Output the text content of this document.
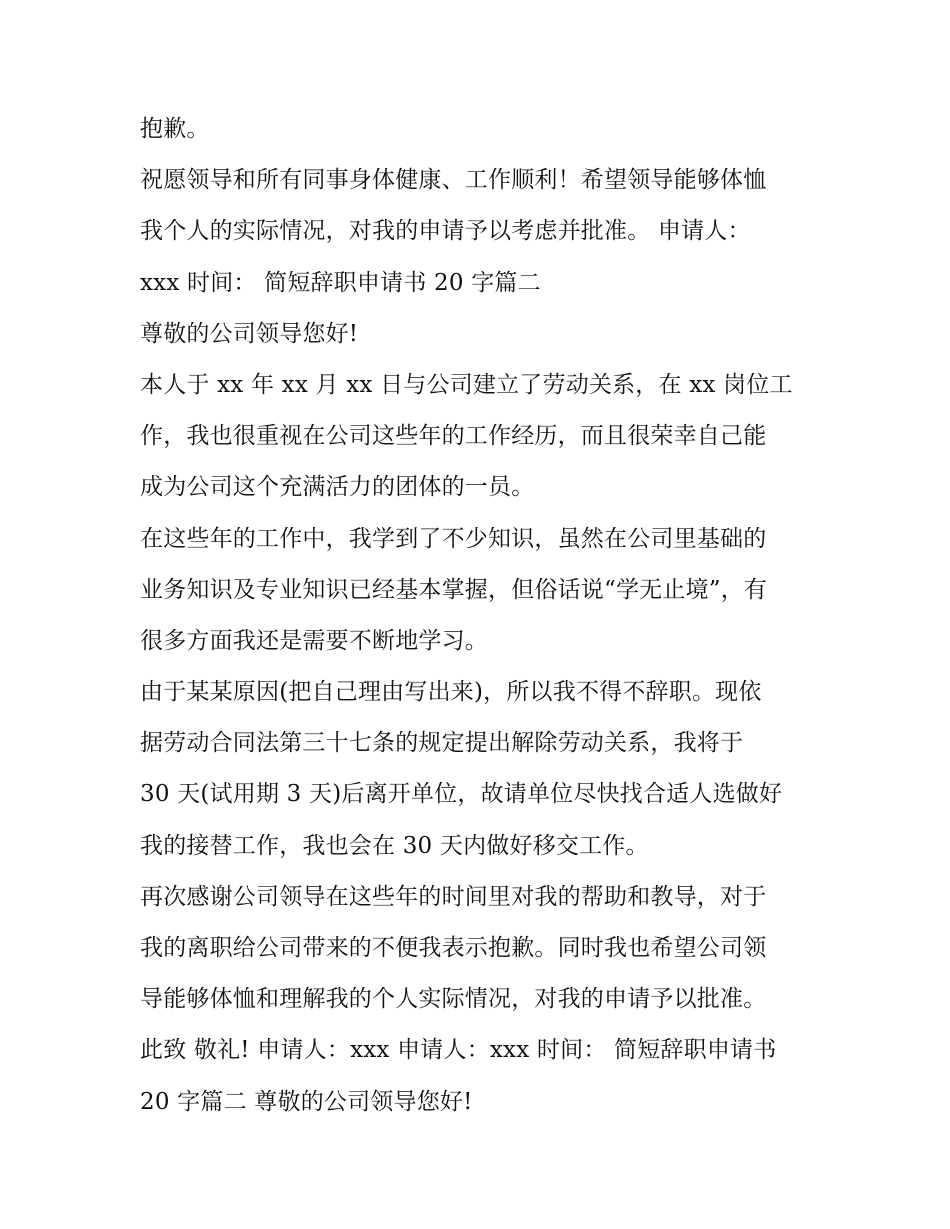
抱歉。
祝愿领导和所有同事身体健康、工作顺利！希望领导能够体恤
我个人的实际情况，对我的申请予以考虑并批准。 申请人：
xxx 时间： 简短辞职申请书 20 字篇二
尊敬的公司领导您好!
本人于 xx 年 xx 月 xx 日与公司建立了劳动关系，在 xx 岗位工
作，我也很重视在公司这些年的工作经历，而且很荣幸自己能
成为公司这个充满活力的团体的一员。
在这些年的工作中，我学到了不少知识，虽然在公司里基础的
业务知识及专业知识已经基本掌握，但俗话说“学无止境”，有
很多方面我还是需要不断地学习。
由于某某原因(把自己理由写出来)，所以我不得不辞职。现依
据劳动合同法第三十七条的规定提出解除劳动关系，我将于
30 天(试用期 3 天)后离开单位，故请单位尽快找合适人选做好
我的接替工作，我也会在 30 天内做好移交工作。
再次感谢公司领导在这些年的时间里对我的帮助和教导，对于
我的离职给公司带来的不便我表示抱歉。同时我也希望公司领
导能够体恤和理解我的个人实际情况，对我的申请予以批准。
此致 敬礼! 申请人：xxx 申请人：xxx 时间： 简短辞职申请书
20 字篇二 尊敬的公司领导您好!
